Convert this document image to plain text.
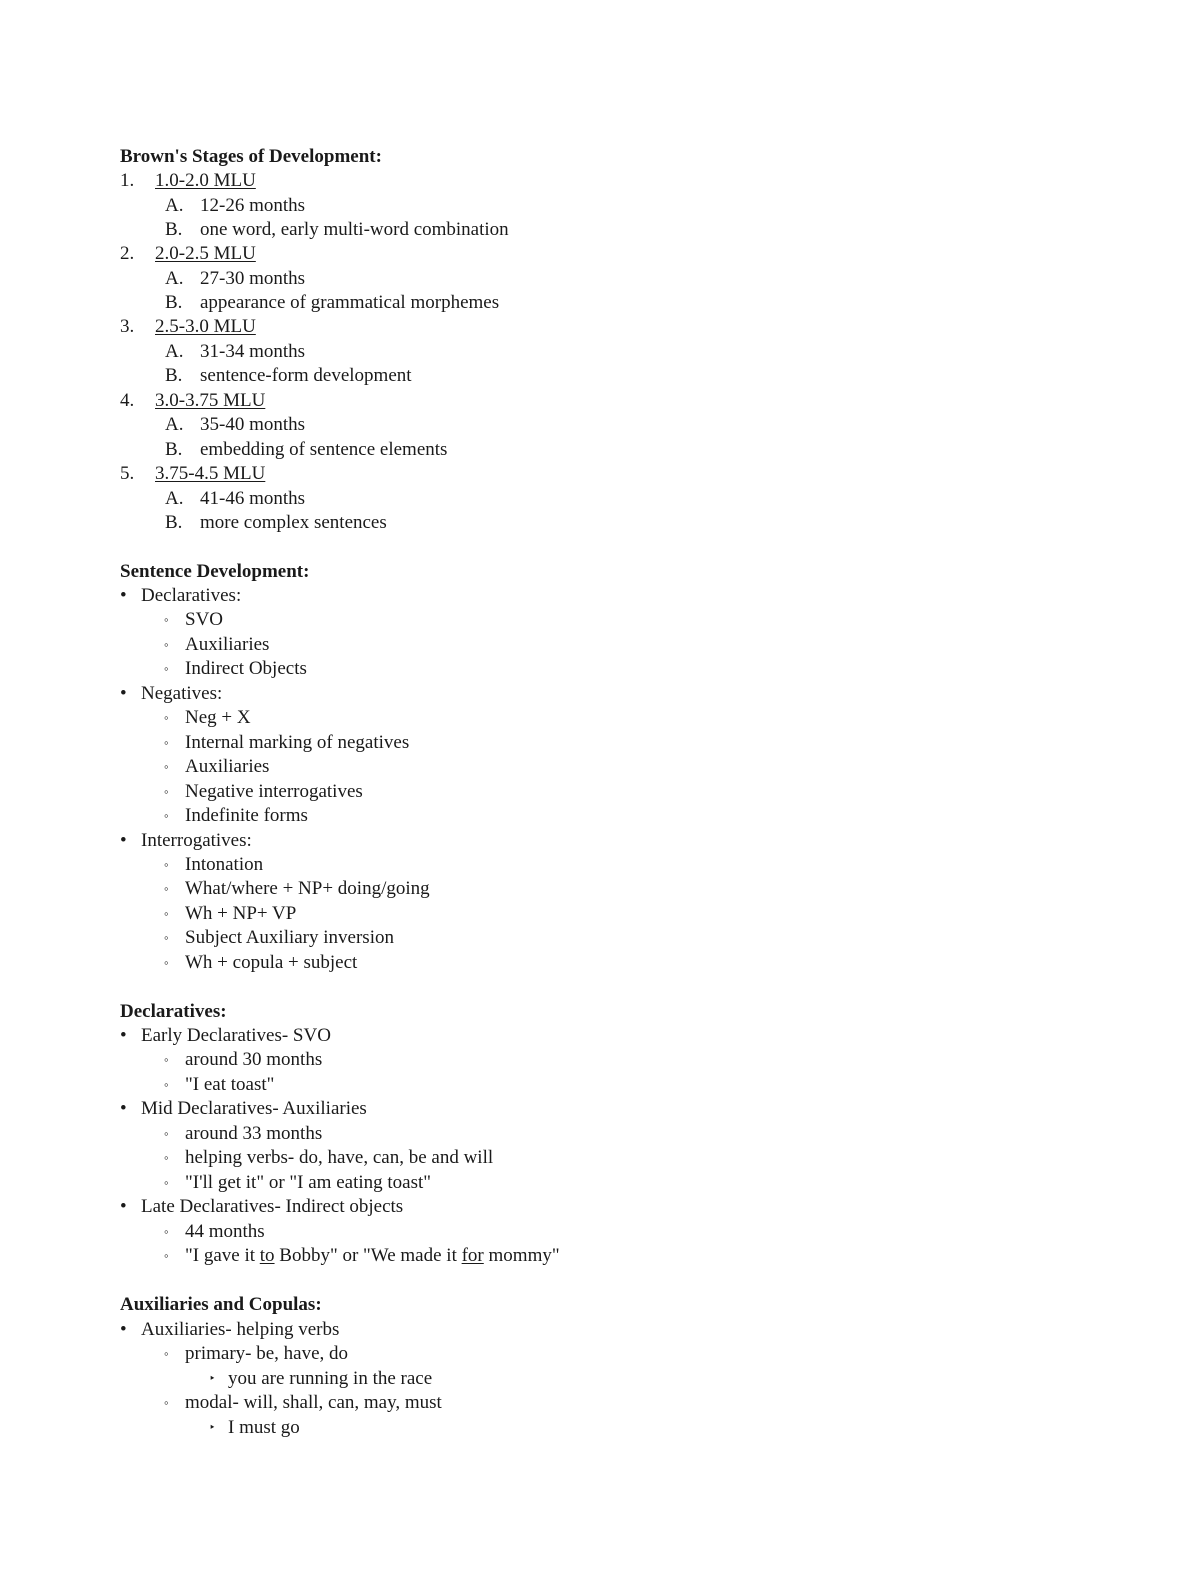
Brown's Stages of Development:
1. 1.0-2.0 MLU
A. 12-26 months
B. one word, early multi-word combination
2. 2.0-2.5 MLU
A. 27-30 months
B. appearance of grammatical morphemes
3. 2.5-3.0 MLU
A. 31-34 months
B. sentence-form development
4. 3.0-3.75 MLU
A. 35-40 months
B. embedding of sentence elements
5. 3.75-4.5 MLU
A. 41-46 months
B. more complex sentences
Sentence Development:
• Declaratives:
◦ SVO
◦ Auxiliaries
◦ Indirect Objects
• Negatives:
◦ Neg + X
◦ Internal marking of negatives
◦ Auxiliaries
◦ Negative interrogatives
◦ Indefinite forms
• Interrogatives:
◦ Intonation
◦ What/where + NP+ doing/going
◦ Wh + NP+ VP
◦ Subject Auxiliary inversion
◦ Wh + copula + subject
Declaratives:
• Early Declaratives- SVO
◦ around 30 months
◦ "I eat toast"
• Mid Declaratives- Auxiliaries
◦ around 33 months
◦ helping verbs- do, have, can, be and will
◦ "I'll get it" or "I am eating toast"
• Late Declaratives- Indirect objects
◦ 44 months
◦ "I gave it to Bobby" or "We made it for mommy"
Auxiliaries and Copulas:
• Auxiliaries- helping verbs
◦ primary- be, have, do
‣ you are running in the race
◦ modal- will, shall, can, may, must
‣ I must go
